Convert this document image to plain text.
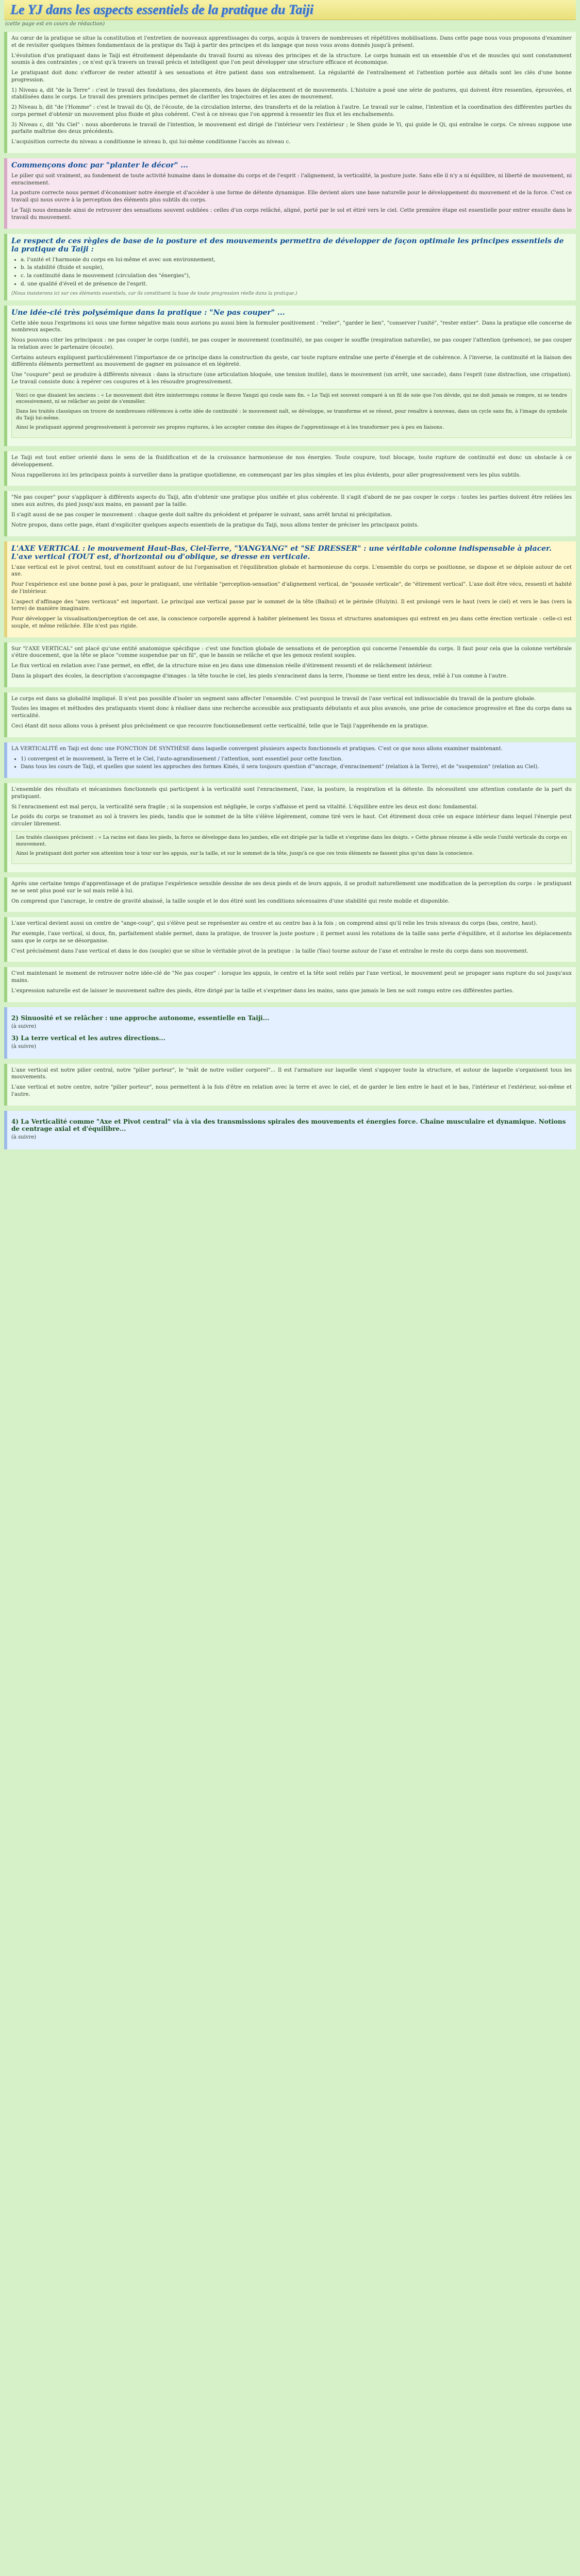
Le YJ dans les aspects essentiels de la pratique du Taiji
(cette page est en cours de rédaction)

Au cœur de la pratique se situe la constitution et l'entretien de nouveaux apprentissages du corps, acquis à travers de nombreuses et répétitives mobilisations. Dans cette page nous vous proposons d'examiner et de revisiter quelques thèmes fondamentaux de la pratique du Taiji à partir des principes et du langage que nous vous avons donnés jusqu'à présent.

L'évolution d'un pratiquant dans le Taiji est étroitement dépendante du travail fourni au niveau des principes et de la structure. Le corps humain est un ensemble d'os et de muscles qui sont constamment soumis à des contraintes ; ce n'est qu'à travers un travail précis et intelligent que l'on peut développer une structure efficace et économique.

Le pratiquant doit donc s'efforcer de rester attentif à ses sensations et être patient dans son entraînement. La régularité de l'entraînement et l'attention portée aux détails sont les clés d'une bonne progression.

1) Niveau a, dit "de la Terre" : c'est le travail des fondations, des placements, des bases de déplacement et de mouvements. L'histoire a posé une série de postures, qui doivent être ressenties, éprouvées, et stabilisées dans le corps. Le travail des premiers principes permet de clarifier les trajectoires et les axes de mouvement.

2) Niveau b, dit "de l'Homme" : c'est le travail du Qi, de l'écoute, de la circulation interne, des transferts et de la relation à l'autre. Le travail sur le calme, l'intention et la coordination des différentes parties du corps permet d'obtenir un mouvement plus fluide et plus cohérent. C'est à ce niveau que l'on apprend à ressentir les flux et les enchaînements.

3) Niveau c, dit "du Ciel" : nous aborderons le travail de l'intention, le mouvement est dirigé de l'intérieur vers l'extérieur ; le Shen guide le Yi, qui guide le Qi, qui entraîne le corps. Ce niveau suppose une parfaite maîtrise des deux précédents.

L'acquisition correcte du niveau a conditionne le niveau b, qui lui-même conditionne l'accès au niveau c.

Commençons donc par "planter le décor" ...

Le pilier qui soit vraiment, au fondement de toute activité humaine dans le domaine du corps et de l'esprit : l'alignement, la verticalité, la posture juste. Sans elle il n'y a ni équilibre, ni liberté de mouvement, ni enracinement.

La posture correcte nous permet d'économiser notre énergie et d'accéder à une forme de détente dynamique. Elle devient alors une base naturelle pour le développement du mouvement et de la force. C'est ce travail qui nous ouvre à la perception des éléments plus subtils du corps.

Le Taiji nous demande ainsi de retrouver des sensations souvent oubliées : celles d'un corps relâché, aligné, porté par le sol et étiré vers le ciel. Cette première étape est essentielle pour entrer ensuite dans le travail du mouvement.

Le respect de ces règles de base de la posture et des mouvements permettra de développer de façon optimale les principes essentiels de la pratique du Taiji :
• a. l'unité et l'harmonie du corps en lui-même et avec son environnement,
• b. la stabilité (fluide et souple),
• c. la continuité dans le mouvement (circulation des "énergies"),
• d. une qualité d'éveil et de présence de l'esprit.
(Nous insisterons ici sur ces éléments essentiels, car ils constituent la base de toute progression réelle dans la pratique.)
Une idée-clé très polysémique dans la pratique : "Ne pas couper" ...

Cette idée nous l'exprimons ici sous une forme négative mais nous aurions pu aussi bien la formuler positivement : "relier", "garder le lien", "conserver l'unité", "rester entier". Dans la pratique elle concerne de nombreux aspects.

Nous pouvons citer les principaux : ne pas couper le corps (unité), ne pas couper le mouvement (continuité), ne pas couper le souffle (respiration naturelle), ne pas couper l'attention (présence), ne pas couper la relation avec le partenaire (écoute).

Certains auteurs expliquent particulièrement l'importance de ce principe dans la construction du geste, car toute rupture entraîne une perte d'énergie et de cohérence. À l'inverse, la continuité et la liaison des différents éléments permettent au mouvement de gagner en puissance et en légèreté.

Une "coupure" peut se produire à différents niveaux : dans la structure (une articulation bloquée, une tension inutile), dans le mouvement (un arrêt, une saccade), dans l'esprit (une distraction, une crispation). Le travail consiste donc à repérer ces coupures et à les résoudre progressivement.

Voici ce que disaient les anciens : « Le mouvement doit être ininterrompu comme le fleuve Yangzi qui coule sans fin. » Le Taiji est souvent comparé à un fil de soie que l'on dévide, qui ne doit jamais se rompre, ni se tendre excessivement, ni se relâcher au point de s'emmêler.

Dans les traités classiques on trouve de nombreuses références à cette idée de continuité : le mouvement naît, se développe, se transforme et se résout, pour renaître à nouveau, dans un cycle sans fin, à l'image du symbole du Taiji lui-même.

Ainsi le pratiquant apprend progressivement à percevoir ses propres ruptures, à les accepter comme des étapes de l'apprentissage et à les transformer peu à peu en liaisons.

Le Taiji est tout entier orienté dans le sens de la fluidification et de la croissance harmonieuse de nos énergies. Toute coupure, tout blocage, toute rupture de continuité est donc un obstacle à ce développement.

Nous rappellerons ici les principaux points à surveiller dans la pratique quotidienne, en commençant par les plus simples et les plus évidents, pour aller progressivement vers les plus subtils.

"Ne pas couper" pour s'appliquer à différents aspects du Taiji, afin d'obtenir une pratique plus unifiée et plus cohérente. Il s'agit d'abord de ne pas couper le corps : toutes les parties doivent être reliées les unes aux autres, du pied jusqu'aux mains, en passant par la taille.

Il s'agit aussi de ne pas couper le mouvement : chaque geste doit naître du précédent et préparer le suivant, sans arrêt brutal ni précipitation.

Notre propos, dans cette page, étant d'expliciter quelques aspects essentiels de la pratique du Taiji, nous allons tenter de préciser les principaux points.

L'AXE VERTICAL : le mouvement Haut-Bas, Ciel-Terre, "YANGYANG" et "SE DRESSER" : une véritable colonne indispensable à placer. L'axe vertical (TOUT est, d'horizontal ou d'oblique, se dresse en verticale.

L'axe vertical est le pivot central, tout en constituant autour de lui l'organisation et l'équilibration globale et harmonieuse du corps. L'ensemble du corps se positionne, se dispose et se déploie autour de cet axe.

Pour l'expérience est une bonne posé à pas, pour le pratiquant, une véritable "perception-sensation" d'alignement vertical, de "poussée verticale", de "étirement vertical". L'axe doit être vécu, ressenti et habité de l'intérieur.

L'aspect d'affinage des "axes verticaux" est important. Le principal axe vertical passe par le sommet de la tête (Baihui) et le périnée (Huiyin). Il est prolongé vers le haut (vers le ciel) et vers le bas (vers la terre) de manière imaginaire.

Pour développer la visualisation/perception de cet axe, la conscience corporelle apprend à habiter pleinement les tissus et structures anatomiques qui entrent en jeu dans cette érection verticale : celle-ci est souple, et même relâchée. Elle n'est pas rigide.

Sur "l'AXE VERTICAL" ont placé qu'une entité anatomique spécifique : c'est une fonction globale de sensations et de perception qui concerne l'ensemble du corps. Il faut pour cela que la colonne vertébrale s'étire doucement, que la tête se place "comme suspendue par un fil", que le bassin se relâche et que les genoux restent souples.

Le flux vertical en relation avec l'axe permet, en effet, de la structure mise en jeu dans une dimension réelle d'étirement ressenti et de relâchement intérieur.

Dans la plupart des écoles, la description s'accompagne d'images : la tête touche le ciel, les pieds s'enracinent dans la terre, l'homme se tient entre les deux, relié à l'un comme à l'autre.

Le corps est dans sa globalité impliqué. Il n'est pas possible d'isoler un segment sans affecter l'ensemble. C'est pourquoi le travail de l'axe vertical est indissociable du travail de la posture globale.

Toutes les images et méthodes des pratiquants visent donc à réaliser dans une recherche accessible aux pratiquants débutants et aux plus avancés, une prise de conscience progressive et fine du corps dans sa verticalité.

Ceci étant dit nous allons vous à présent plus précisément ce que recouvre fonctionnellement cette verticalité, telle que le Taiji l'appréhende en la pratique.

LA VERTICALITÉ en Taiji est donc une FONCTION DE SYNTHÈSE dans laquelle convergent plusieurs aspects fonctionnels et pratiques. C'est ce que nous allons examiner maintenant.

• 1) convergent et le mouvement, la Terre et le Ciel, l'auto-agrandissement / l'attention, sont essentiel pour cette fonction.
• Dans tous les cours de Taiji, et quelles que soient les approches des formes Kinés, il sera toujours question d'"ancrage, d'enracinement" (relation à la Terre), et de "suspension" (relation au Ciel).

L'ensemble des résultats et mécanismes fonctionnels qui participent à la verticalité sont l'enracinement, l'axe, la posture, la respiration et la détente. Ils nécessitent une attention constante de la part du pratiquant.

Si l'enracinement est mal perçu, la verticalité sera fragile ; si la suspension est négligée, le corps s'affaisse et perd sa vitalité. L'équilibre entre les deux est donc fondamental.

Le poids du corps se transmet au sol à travers les pieds, tandis que le sommet de la tête s'élève légèrement, comme tiré vers le haut. Cet étirement doux crée un espace intérieur dans lequel l'énergie peut circuler librement.

Les traités classiques précisent : « La racine est dans les pieds, la force se développe dans les jambes, elle est dirigée par la taille et s'exprime dans les doigts. » Cette phrase résume à elle seule l'unité verticale du corps en mouvement.

Ainsi le pratiquant doit porter son attention tour à tour sur les appuis, sur la taille, et sur le sommet de la tête, jusqu'à ce que ces trois éléments ne fassent plus qu'un dans la conscience.

Après une certaine temps d'apprentissage et de pratique l'expérience sensible dessine de ses deux pieds et de leurs appuis, il se produit naturellement une modification de la perception du corps : le pratiquant ne se sent plus posé sur le sol mais relié à lui.

On comprend que l'ancrage, le centre de gravité abaissé, la taille souple et le dos étiré sont les conditions nécessaires d'une stabilité qui reste mobile et disponible.

L'axe vertical devient aussi un centre de "ange-coup", qui s'élève peut se représenter au centre et au centre bas à la fois ; on comprend ainsi qu'il relie les trois niveaux du corps (bas, centre, haut).

Par exemple, l'axe vertical, si doux, fin, parfaitement stable permet, dans la pratique, de trouver la juste posture ; il permet aussi les rotations de la taille sans perte d'équilibre, et il autorise les déplacements sans que le corps ne se désorganise.

C'est précisément dans l'axe vertical et dans le dos (souple) que se situe le véritable pivot de la pratique : la taille (Yao) tourne autour de l'axe et entraîne le reste du corps dans son mouvement.

C'est maintenant le moment de retrouver notre idée-clé de "Ne pas couper" : lorsque les appuis, le centre et la tête sont reliés par l'axe vertical, le mouvement peut se propager sans rupture du sol jusqu'aux mains.

L'expression naturelle est de laisser le mouvement naître des pieds, être dirigé par la taille et s'exprimer dans les mains, sans que jamais le lien ne soit rompu entre ces différentes parties.

2) Sinuosité et se relâcher : une approche autonome, essentielle en Taiji...
(à suivre)
3) La terre vertical et les autres directions...
(à suivre)

L'axe vertical est notre pilier central, notre "pilier porteur", le "mât de notre voilier corporel"... Il est l'armature sur laquelle vient s'appuyer toute la structure, et autour de laquelle s'organisent tous les mouvements.

L'axe vertical et notre centre, notre "pilier porteur", nous permettent à la fois d'être en relation avec la terre et avec le ciel, et de garder le lien entre le haut et le bas, l'intérieur et l'extérieur, soi-même et l'autre.

4) La Verticalité comme "Axe et Pivot central" via à via des transmissions spirales des mouvements et énergies force. Chaîne musculaire et dynamique. Notions de centrage axial et d'équilibre...
(à suivre)
